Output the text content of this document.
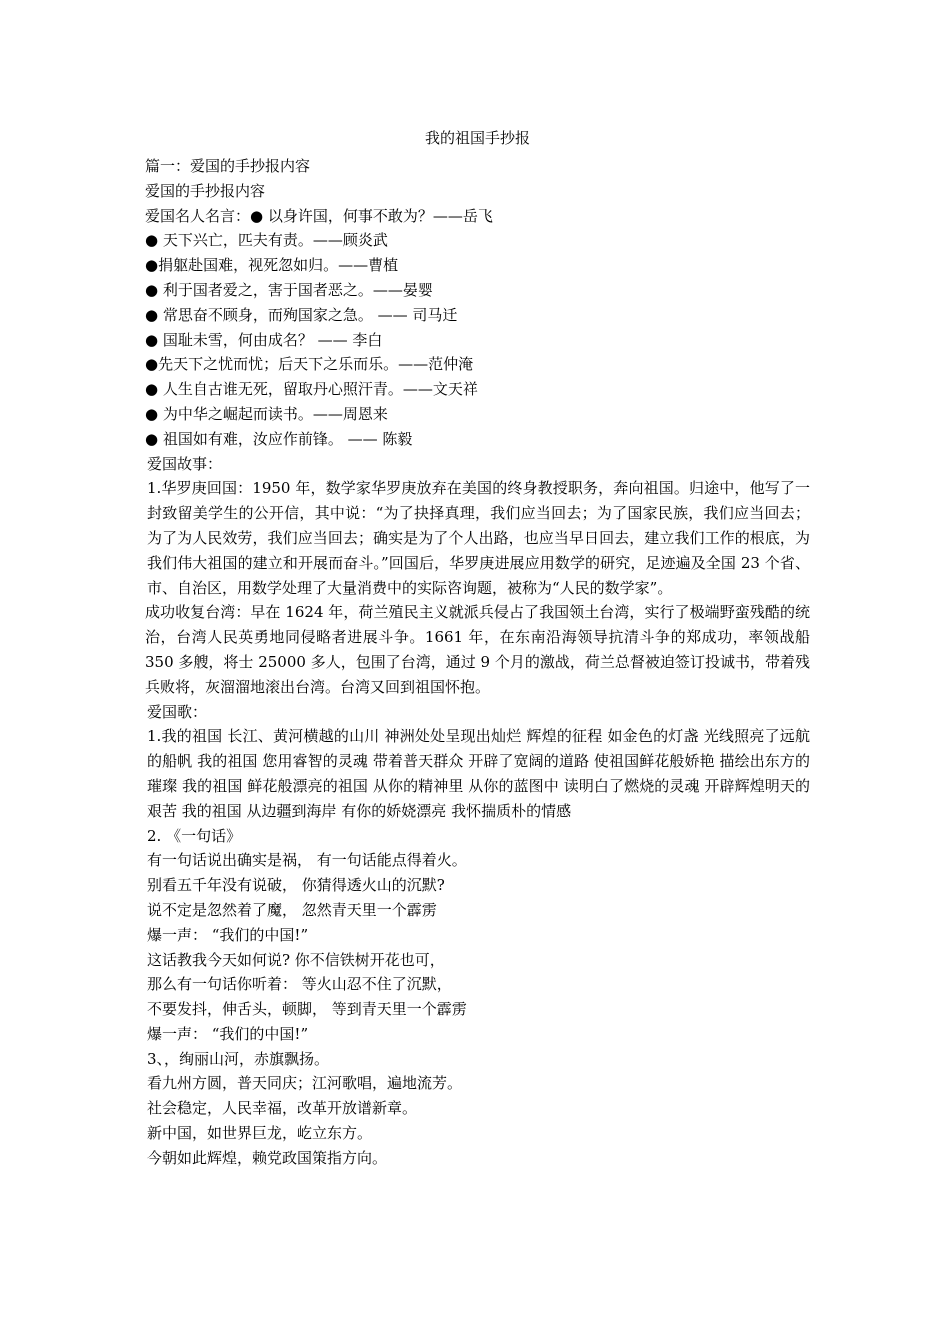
我的祖国手抄报

篇一：爱国的手抄报内容

爱国的手抄报内容

爱国名人名言：● 以身许国，何事不敢为？——岳飞

● 天下兴亡，匹夫有责。——顾炎武

●捐躯赴国难，视死忽如归。——曹植

● 利于国者爱之，害于国者恶之。——晏婴

● 常思奋不顾身，而殉国家之急。 —— 司马迁

● 国耻未雪，何由成名？ —— 李白

●先天下之忧而忧；后天下之乐而乐。——范仲淹

● 人生自古谁无死，留取丹心照汗青。——文天祥

● 为中华之崛起而读书。——周恩来

● 祖国如有难，汝应作前锋。 —— 陈毅

爱国故事：

1.华罗庚回国：1950 年，数学家华罗庚放弃在美国的终身教授职务，奔向祖国。归途中，他写了一封致留美学生的公开信，其中说：“为了抉择真理，我们应当回去；为了国家民族，我们应当回去；为了为人民效劳，我们应当回去；确实是为了个人出路，也应当早日回去，建立我们工作的根底，为我们伟大祖国的建立和开展而奋斗。”回国后，华罗庚进展应用数学的研究，足迹遍及全国 23 个省、市、自治区，用数学处理了大量消费中的实际咨询题，被称为“人民的数学家”。

成功收复台湾：早在 1624 年，荷兰殖民主义就派兵侵占了我国领土台湾，实行了极端野蛮残酷的统治，台湾人民英勇地同侵略者进展斗争。1661 年，在东南沿海领导抗清斗争的郑成功，率领战船 350 多艘，将士 25000 多人，包围了台湾，通过 9 个月的激战，荷兰总督被迫签订投诚书，带着残兵败将，灰溜溜地滚出台湾。台湾又回到祖国怀抱。

爱国歌：

1.我的祖国 长江、黄河横越的山川 神洲处处呈现出灿烂 辉煌的征程 如金色的灯盏 光线照亮了远航的船帆 我的祖国 您用睿智的灵魂 带着普天群众 开辟了宽阔的道路 使祖国鲜花般娇艳 描绘出东方的璀璨 我的祖国 鲜花般漂亮的祖国 从你的精神里 从你的蓝图中 读明白了燃烧的灵魂 开辟辉煌明天的艰苦 我的祖国 从边疆到海岸 有你的娇娆漂亮 我怀揣质朴的情感

2. 《一句话》

有一句话说出确实是祸， 有一句话能点得着火。

别看五千年没有说破， 你猜得透火山的沉默?

说不定是忽然着了魔， 忽然青天里一个霹雳

爆一声： “我们的中国!”

这话教我今天如何说? 你不信铁树开花也可，

那么有一句话你听着： 等火山忍不住了沉默，

不要发抖，伸舌头，顿脚， 等到青天里一个霹雳

爆一声： “我们的中国!”

3、，绚丽山河，赤旗飘扬。

看九州方圆，普天同庆；江河歌唱，遍地流芳。

社会稳定，人民幸福，改革开放谱新章。

新中国，如世界巨龙，屹立东方。

今朝如此辉煌，赖党政国策指方向。
